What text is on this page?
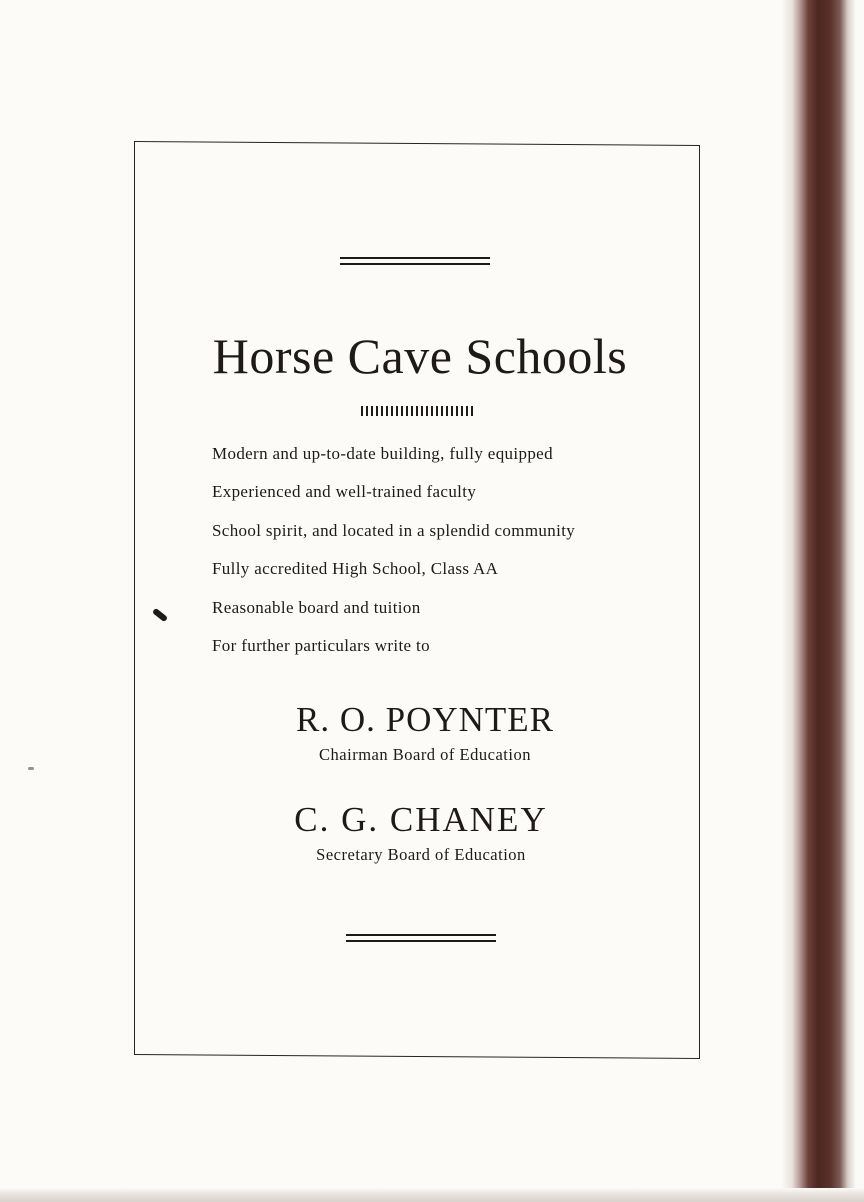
Horse Cave Schools
Modern and up-to-date building, fully equipped
Experienced and well-trained faculty
School spirit, and located in a splendid community
Fully accredited High School, Class AA
Reasonable board and tuition
For further particulars write to
R. O. POYNTER
Chairman Board of Education
C. G. CHANEY
Secretary Board of Education
